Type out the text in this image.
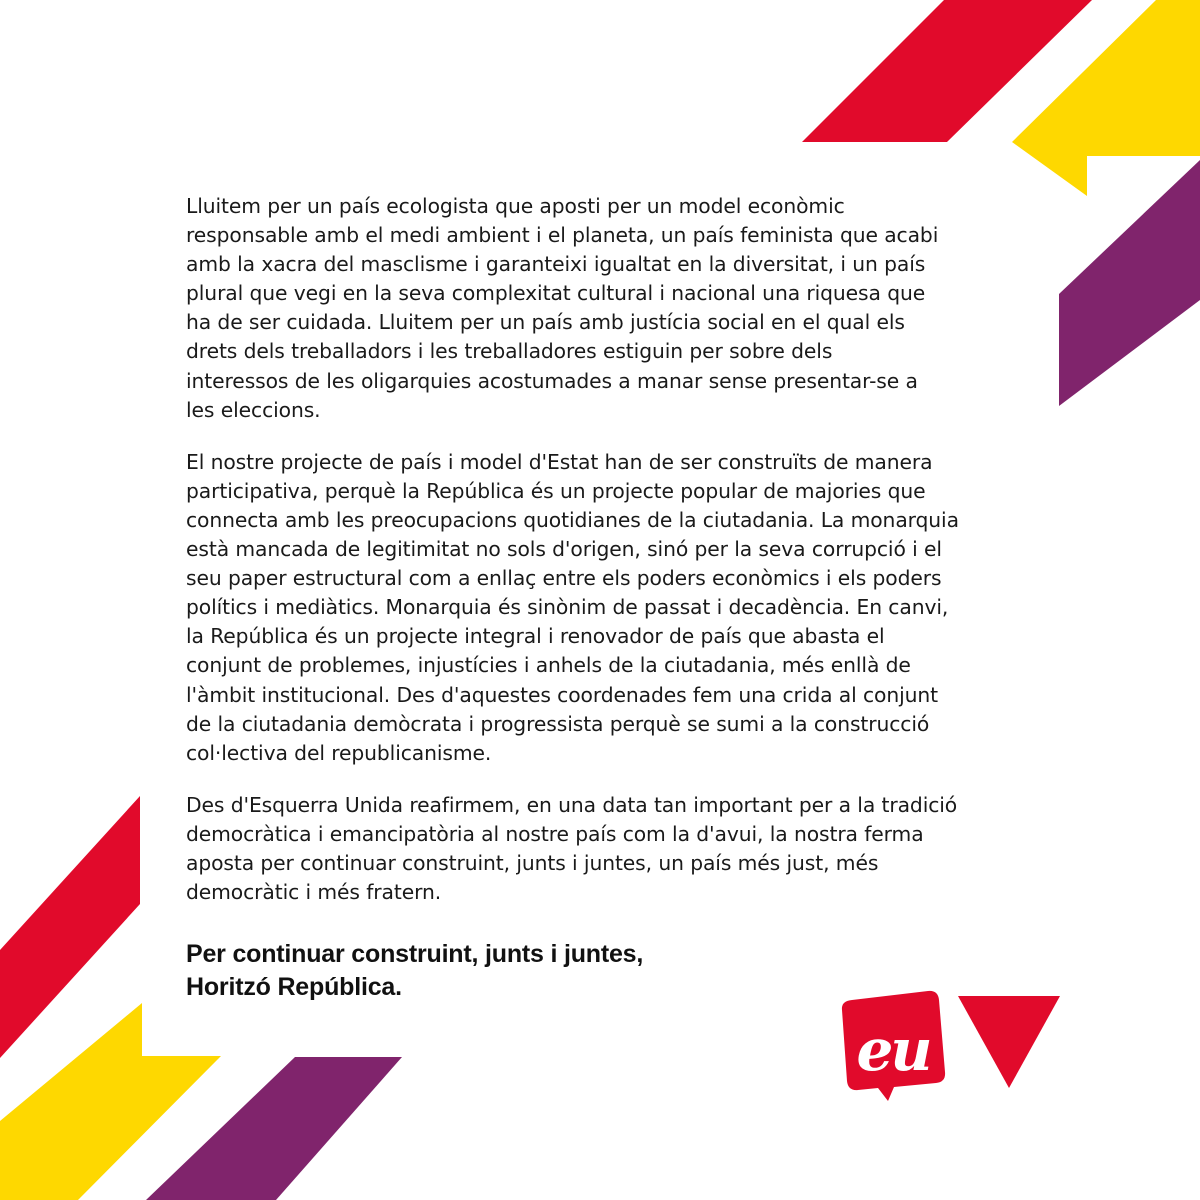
Lluitem per un país ecologista que aposti per un model econòmic
responsable amb el medi ambient i el planeta, un país feminista que acabi
amb la xacra del masclisme i garanteixi igualtat en la diversitat, i un país
plural que vegi en la seva complexitat cultural i nacional una riquesa que
ha de ser cuidada. Lluitem per un país amb justícia social en el qual els
drets dels treballadors i les treballadores estiguin per sobre dels
interessos de les oligarquies acostumades a manar sense presentar-se a
les eleccions.

El nostre projecte de país i model d'Estat han de ser construïts de manera
participativa, perquè la República és un projecte popular de majories que
connecta amb les preocupacions quotidianes de la ciutadania. La monarquia
està mancada de legitimitat no sols d'origen, sinó per la seva corrupció i el
seu paper estructural com a enllaç entre els poders econòmics i els poders
polítics i mediàtics. Monarquia és sinònim de passat i decadència. En canvi,
la República és un projecte integral i renovador de país que abasta el
conjunt de problemes, injustícies i anhels de la ciutadania, més enllà de
l'àmbit institucional. Des d'aquestes coordenades fem una crida al conjunt
de la ciutadania demòcrata i progressista perquè se sumi a la construcció
col·lectiva del republicanisme.

Des d'Esquerra Unida reafirmem, en una data tan important per a la tradició
democràtica i emancipatòria al nostre país com la d'avui, la nostra ferma
aposta per continuar construint, junts i juntes, un país més just, més
democràtic i més fratern.

Per continuar construint, junts i juntes,
Horitzó República.
eu
